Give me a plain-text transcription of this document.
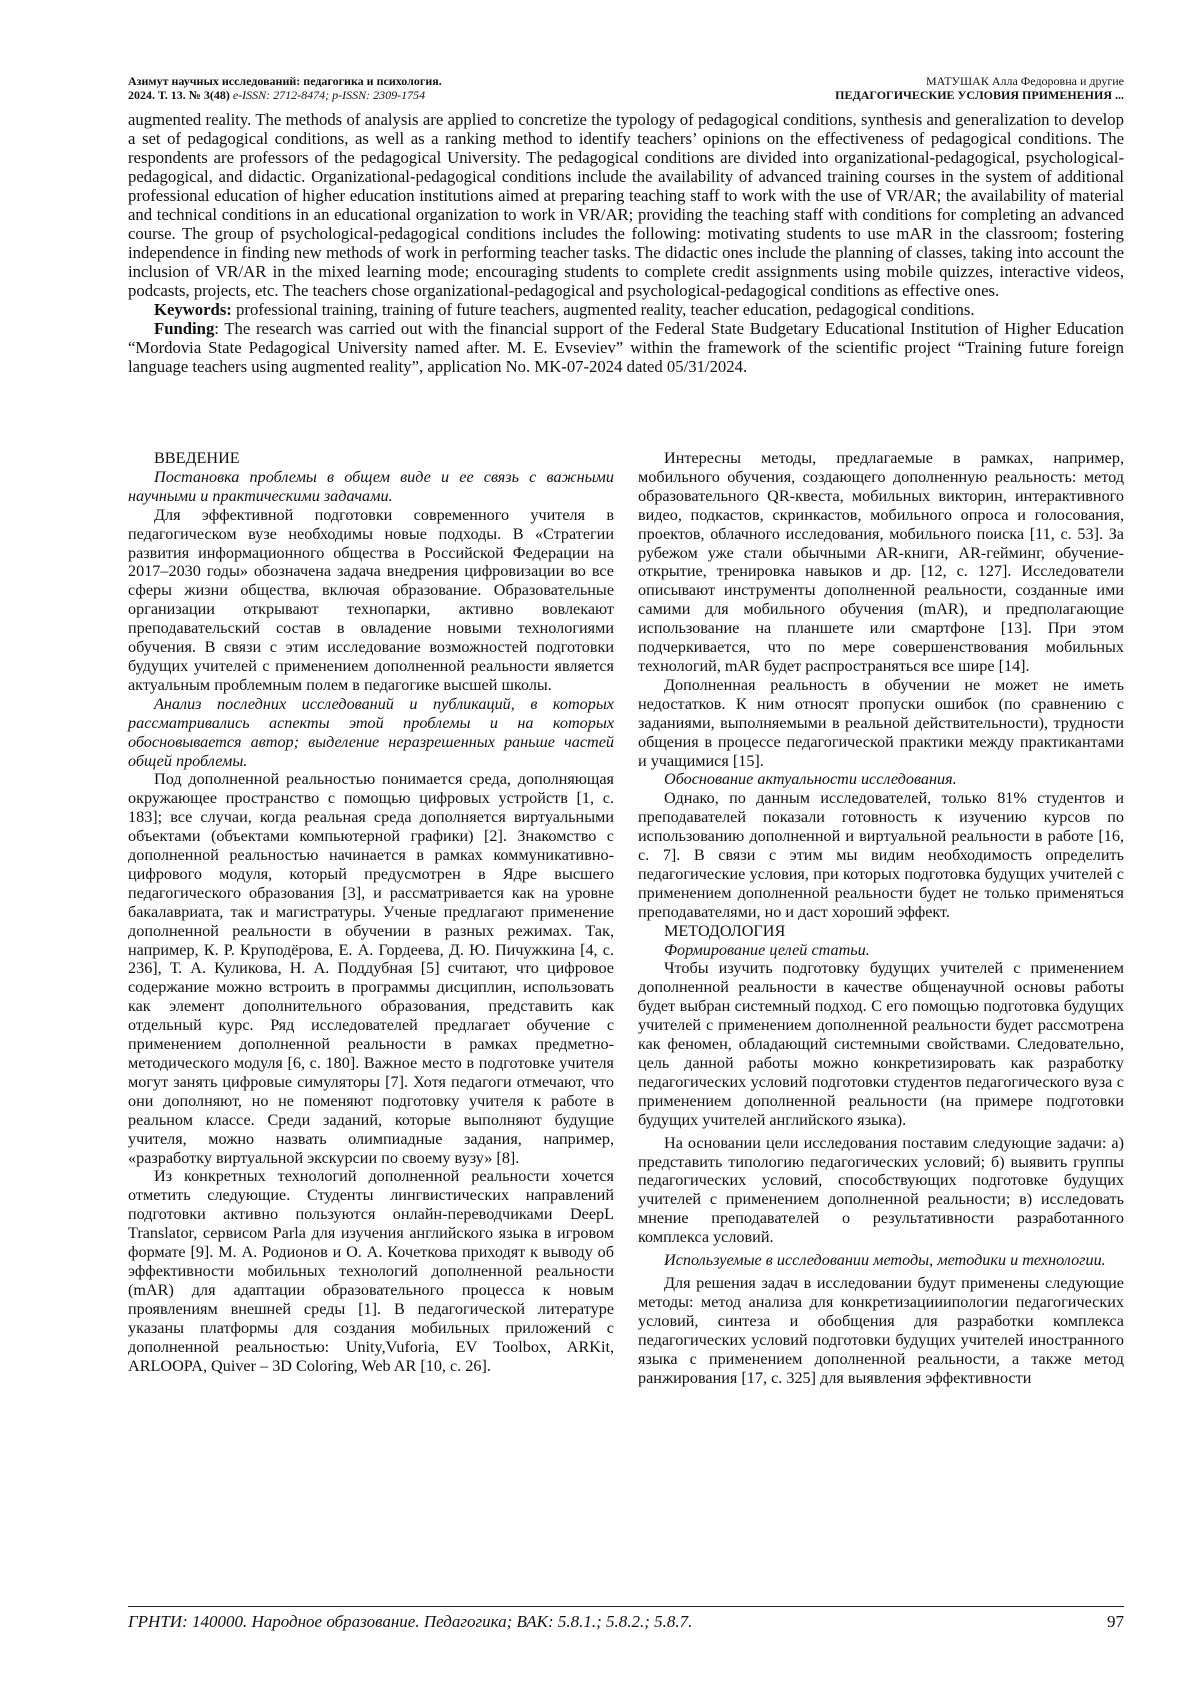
Азимут научных исследований: педагогика и психология.
2024. Т. 13. № 3(48) e-ISSN: 2712-8474; p-ISSN: 2309-1754
МАТУШАК Алла Федоровна и другие
ПЕДАГОГИЧЕСКИЕ УСЛОВИЯ ПРИМЕНЕНИЯ ...

augmented reality. The methods of analysis are applied to concretize the typology of pedagogical conditions, synthesis and generalization to develop a set of pedagogical conditions, as well as a ranking method to identify teachers’ opinions on the effectiveness of pedagogical conditions. The respondents are professors of the pedagogical University. The pedagogical conditions are divided into organizational-pedagogical, psychological-pedagogical, and didactic. Organizational-pedagogical conditions include the availability of advanced training courses in the system of additional professional education of higher education institutions aimed at preparing teaching staff to work with the use of VR/AR; the availability of material and technical conditions in an educational organization to work in VR/AR; providing the teaching staff with conditions for completing an advanced course. The group of psychological-pedagogical conditions includes the following: motivating students to use mAR in the classroom; fostering independence in finding new methods of work in performing teacher tasks. The didactic ones include the planning of classes, taking into account the inclusion of VR/AR in the mixed learning mode; encouraging students to complete credit assignments using mobile quizzes, interactive videos, podcasts, projects, etc. The teachers chose organizational-pedagogical and psychological-pedagogical conditions as effective ones.

Keywords: professional training, training of future teachers, augmented reality, teacher education, pedagogical conditions.

Funding: The research was carried out with the financial support of the Federal State Budgetary Educational Institution of Higher Education “Mordovia State Pedagogical University named after. M. E. Evseviev” within the framework of the scientific project “Training future foreign language teachers using augmented reality”, application No. MK-07-2024 dated 05/31/2024.

ВВЕДЕНИЕ

Постановка проблемы в общем виде и ее связь с важными научными и практическими задачами.

Для эффективной подготовки современного учителя в педагогическом вузе необходимы новые подходы. В «Стратегии развития информационного общества в Российской Федерации на 2017–2030 годы» обозначена задача внедрения цифровизации во все сферы жизни общества, включая образование. Образовательные организации открывают технопарки, активно вовлекают преподавательский состав в овладение новыми технологиями обучения. В связи с этим исследование возможностей подготовки будущих учителей с применением дополненной реальности является актуальным проблемным полем в педагогике высшей школы.

Анализ последних исследований и публикаций, в которых рассматривались аспекты этой проблемы и на которых обосновывается автор; выделение неразрешенных раньше частей общей проблемы.

Под дополненной реальностью понимается среда, дополняющая окружающее пространство с помощью цифровых устройств [1, с. 183]; все случаи, когда реальная среда дополняется виртуальными объектами (объектами компьютерной графики) [2]. Знакомство с дополненной реальностью начинается в рамках коммуникативно-цифрового модуля, который предусмотрен в Ядре высшего педагогического образования [3], и рассматривается как на уровне бакалавриата, так и магистратуры. Ученые предлагают применение дополненной реальности в обучении в разных режимах. Так, например, К. Р. Круподёрова, Е. А. Гордеева, Д. Ю. Пичужкина [4, с. 236], Т. А. Куликова, Н. А. Поддубная [5] считают, что цифровое содержание можно встроить в программы дисциплин, использовать как элемент дополнительного образования, представить как отдельный курс. Ряд исследователей предлагает обучение с применением дополненной реальности в рамках предметно-методического модуля [6, с. 180]. Важное место в подготовке учителя могут занять цифровые симуляторы [7]. Хотя педагоги отмечают, что они дополняют, но не поменяют подготовку учителя к работе в реальном классе. Среди заданий, которые выполняют будущие учителя, можно назвать олимпиадные задания, например, «разработку виртуальной экскурсии по своему вузу» [8].

Из конкретных технологий дополненной реальности хочется отметить следующие. Студенты лингвистических направлений подготовки активно пользуются онлайн-переводчиками DeepL Translator, сервисом Parla для изучения английского языка в игровом формате [9]. М. А. Родионов и О. А. Кочеткова приходят к выводу об эффективности мобильных технологий дополненной реальности (mAR) для адаптации образовательного процесса к новым проявлениям внешней среды [1]. В педагогической литературе указаны платформы для создания мобильных приложений с дополненной реальностью: Unity,Vuforia, EV Toolbox, ARKit, ARLOOPA, Quiver – 3D Coloring, Web AR [10, с. 26].

Интересны методы, предлагаемые в рамках, например, мобильного обучения, создающего дополненную реальность: метод образовательного QR-квеста, мобильных викторин, интерактивного видео, подкастов, скринкастов, мобильного опроса и голосования, проектов, облачного исследования, мобильного поиска [11, с. 53]. За рубежом уже стали обычными AR-книги, AR-гейминг, обучение-открытие, тренировка навыков и др. [12, с. 127]. Исследователи описывают инструменты дополненной реальности, созданные ими самими для мобильного обучения (mAR), и предполагающие использование на планшете или смартфоне [13]. При этом подчеркивается, что по мере совершенствования мобильных технологий, mAR будет распространяться все шире [14].

Дополненная реальность в обучении не может не иметь недостатков. К ним относят пропуски ошибок (по сравнению с заданиями, выполняемыми в реальной действительности), трудности общения в процессе педагогической практики между практикантами и учащимися [15].

Обоснование актуальности исследования.

Однако, по данным исследователей, только 81% студентов и преподавателей показали готовность к изучению курсов по использованию дополненной и виртуальной реальности в работе [16, с. 7]. В связи с этим мы видим необходимость определить педагогические условия, при которых подготовка будущих учителей с применением дополненной реальности будет не только применяться преподавателями, но и даст хороший эффект.

МЕТОДОЛОГИЯ

Формирование целей статьи.

Чтобы изучить подготовку будущих учителей с применением дополненной реальности в качестве общенаучной основы работы будет выбран системный подход. С его помощью подготовка будущих учителей с применением дополненной реальности будет рассмотрена как феномен, обладающий системными свойствами. Следовательно, цель данной работы можно конкретизировать как разработку педагогических условий подготовки студентов педагогического вуза с применением дополненной реальности (на примере подготовки будущих учителей английского языка).

На основании цели исследования поставим следующие задачи: а) представить типологию педагогических условий; б) выявить группы педагогических условий, способствующих подготовке будущих учителей с применением дополненной реальности; в) исследовать мнение преподавателей о результативности разработанного комплекса условий.

Используемые в исследовании методы, методики и технологии.

Для решения задач в исследовании будут применены следующие методы: метод анализа для конкретизацииипологии педагогических условий, синтеза и обобщения для разработки комплекса педагогических условий подготовки будущих учителей иностранного языка с применением дополненной реальности, а также метод ранжирования [17, с. 325] для выявления эффективности

ГРНТИ: 140000. Народное образование. Педагогика; ВАК: 5.8.1.; 5.8.2.; 5.8.7.	97
